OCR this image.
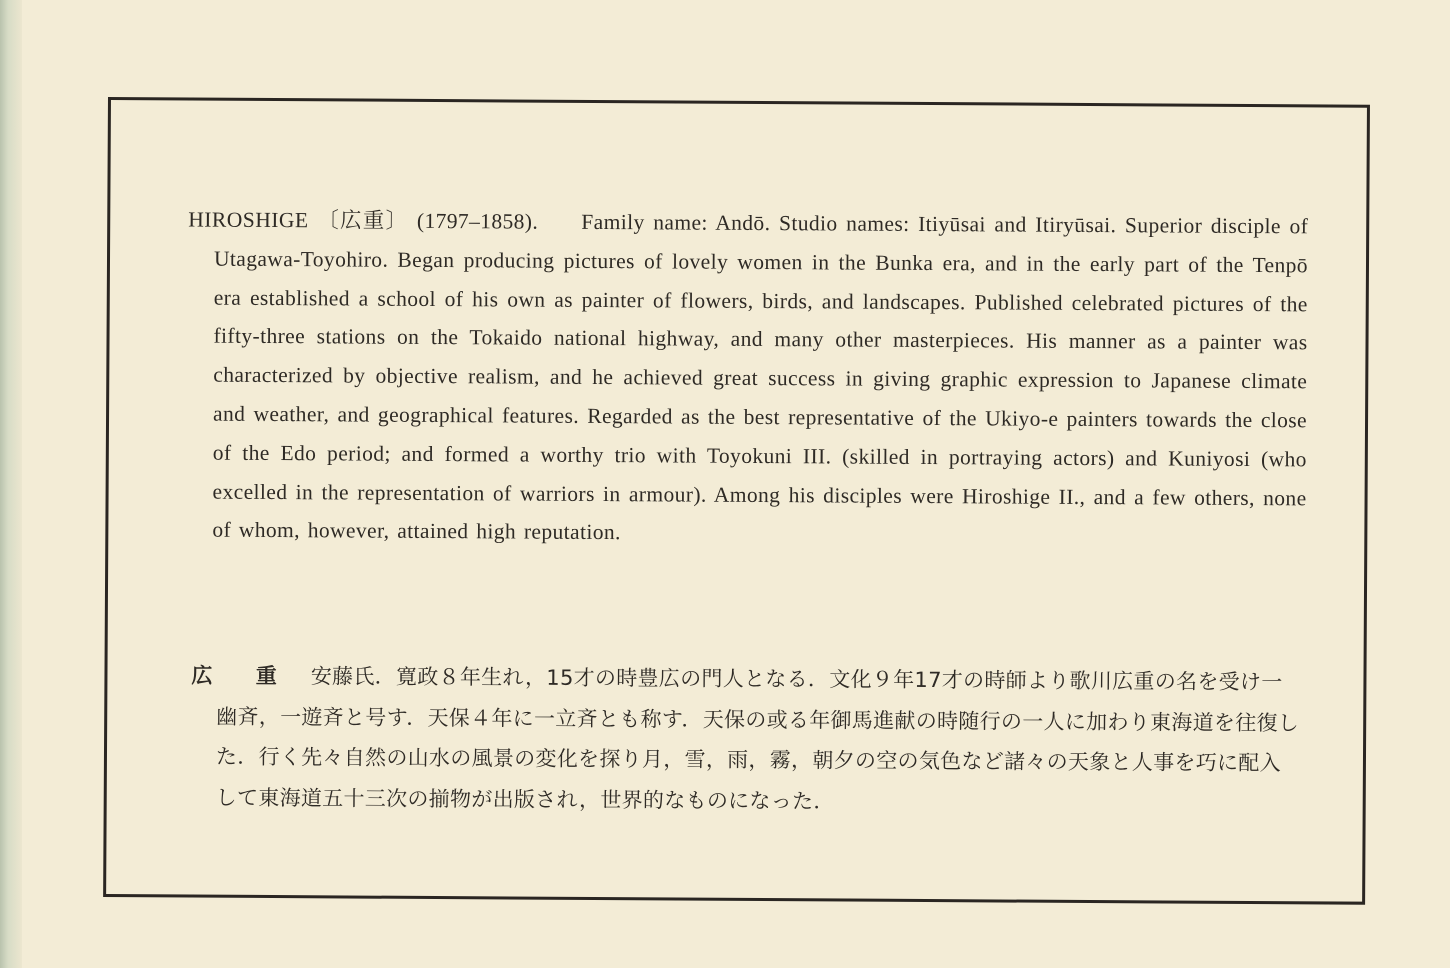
HIROSHIGE 〔広重〕 (1797–1858). Family name: Andō. Studio names: Itiyūsai and Itiryūsai. Superior disciple of Utagawa-Toyohiro. Began producing pictures of lovely women in the Bunka era, and in the early part of the Tenpō era established a school of his own as painter of flowers, birds, and landscapes. Published celebrated pictures of the fifty-three stations on the Tokaido national highway, and many other masterpieces. His manner as a painter was characterized by objective realism, and he achieved great success in giving graphic expression to Japanese climate and weather, and geographical features. Regarded as the best representative of the Ukiyo-e painters towards the close of the Edo period; and formed a worthy trio with Toyokuni III. (skilled in portraying actors) and Kuniyosi (who excelled in the representation of warriors in armour). Among his disciples were Hiroshige II., and a few others, none of whom, however, attained high reputation.

広 重 安藤氏．寛政８年生れ，15才の時豊広の門人となる．文化９年17才の時師より歌川広重の名を受け一幽斉，一遊斉と号す．天保４年に一立斉とも称す．天保の或る年御馬進献の時随行の一人に加わり東海道を往復した．行く先々自然の山水の風景の変化を探り月，雪，雨，霧，朝夕の空の気色など諸々の天象と人事を巧に配入して東海道五十三次の揃物が出版され，世界的なものになった．
